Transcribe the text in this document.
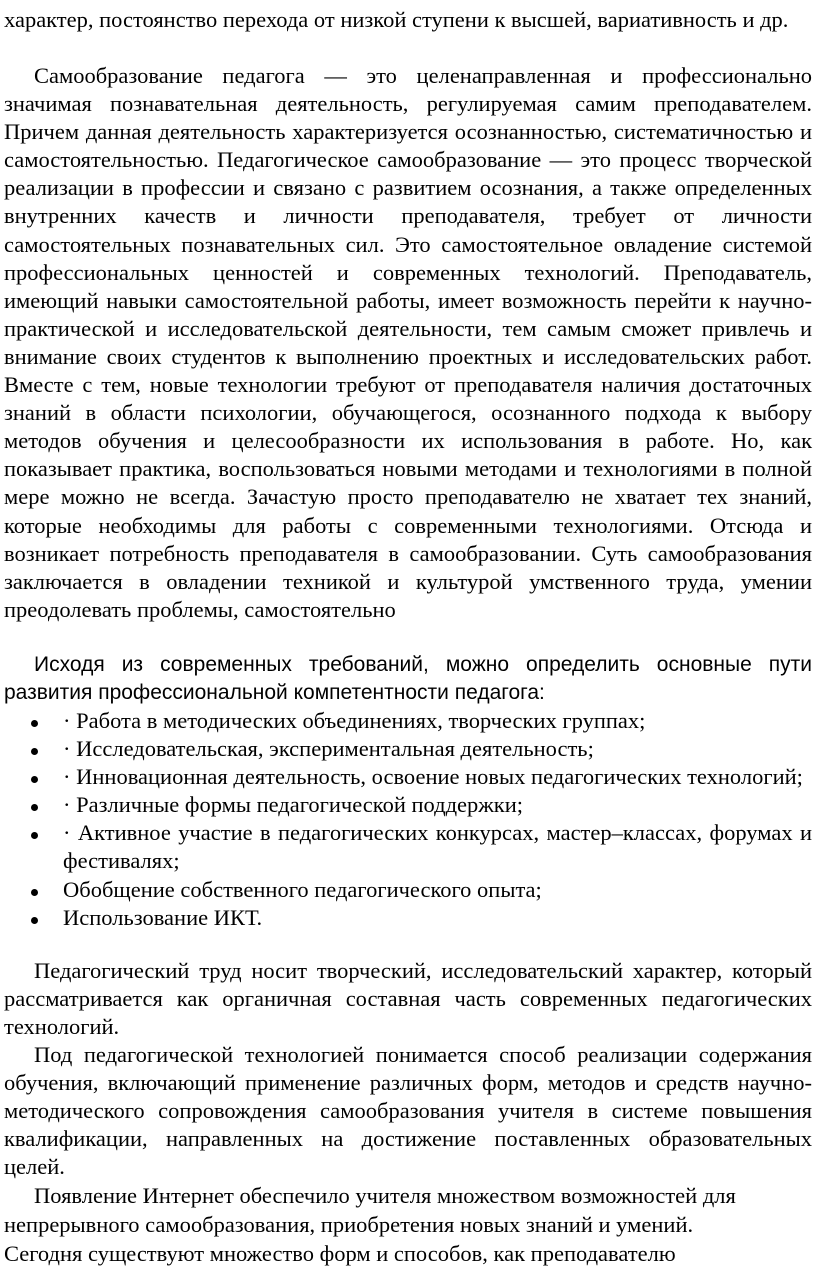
характер, постоянство перехода от низкой ступени к высшей, вариативность и др.

Самообразование педагога — это целенаправленная и профессионально значимая познавательная деятельность, регулируемая самим преподавателем. Причем данная деятельность характеризуется осознанностью, систематичностью и самостоятельностью. Педагогическое самообразование — это процесс творческой реализации в профессии и связано с развитием осознания, а также определенных внутренних качеств и личности преподавателя, требует от личности самостоятельных познавательных сил. Это самостоятельное овладение системой профессиональных ценностей и современных технологий. Преподаватель, имеющий навыки самостоятельной работы, имеет возможность перейти к научно-практической и исследовательской деятельности, тем самым сможет привлечь и внимание своих студентов к выполнению проектных и исследовательских работ. Вместе с тем, новые технологии требуют от преподавателя наличия достаточных знаний в области психологии, обучающегося, осознанного подхода к выбору методов обучения и целесообразности их использования в работе. Но, как показывает практика, воспользоваться новыми методами и технологиями в полной мере можно не всегда. Зачастую просто преподавателю не хватает тех знаний, которые необходимы для работы с современными технологиями. Отсюда и возникает потребность преподавателя в самообразовании. Суть самообразования заключается в овладении техникой и культурой умственного труда, умении преодолевать проблемы, самостоятельно

Исходя из современных требований, можно определить основные пути развития профессиональной компетентности педагога:

· Работа в методических объединениях, творческих группах;
· Исследовательская, экспериментальная деятельность;
· Инновационная деятельность, освоение новых педагогических технологий;
· Различные формы педагогической поддержки;
· Активное участие в педагогических конкурсах, мастер–классах, форумах и фестивалях;
Обобщение собственного педагогического опыта;
Использование ИКТ.

Педагогический труд носит творческий, исследовательский характер, который рассматривается как органичная составная часть современных педагогических технологий.

Под педагогической технологией понимается способ реализации содержания обучения, включающий применение различных форм, методов и средств научно-методического сопровождения самообразования учителя в системе повышения квалификации, направленных на достижение поставленных образовательных целей.

Появление Интернет обеспечило учителя множеством возможностей для

непрерывного самообразования, приобретения новых знаний и умений.

Сегодня существуют множество форм и способов, как преподавателю
